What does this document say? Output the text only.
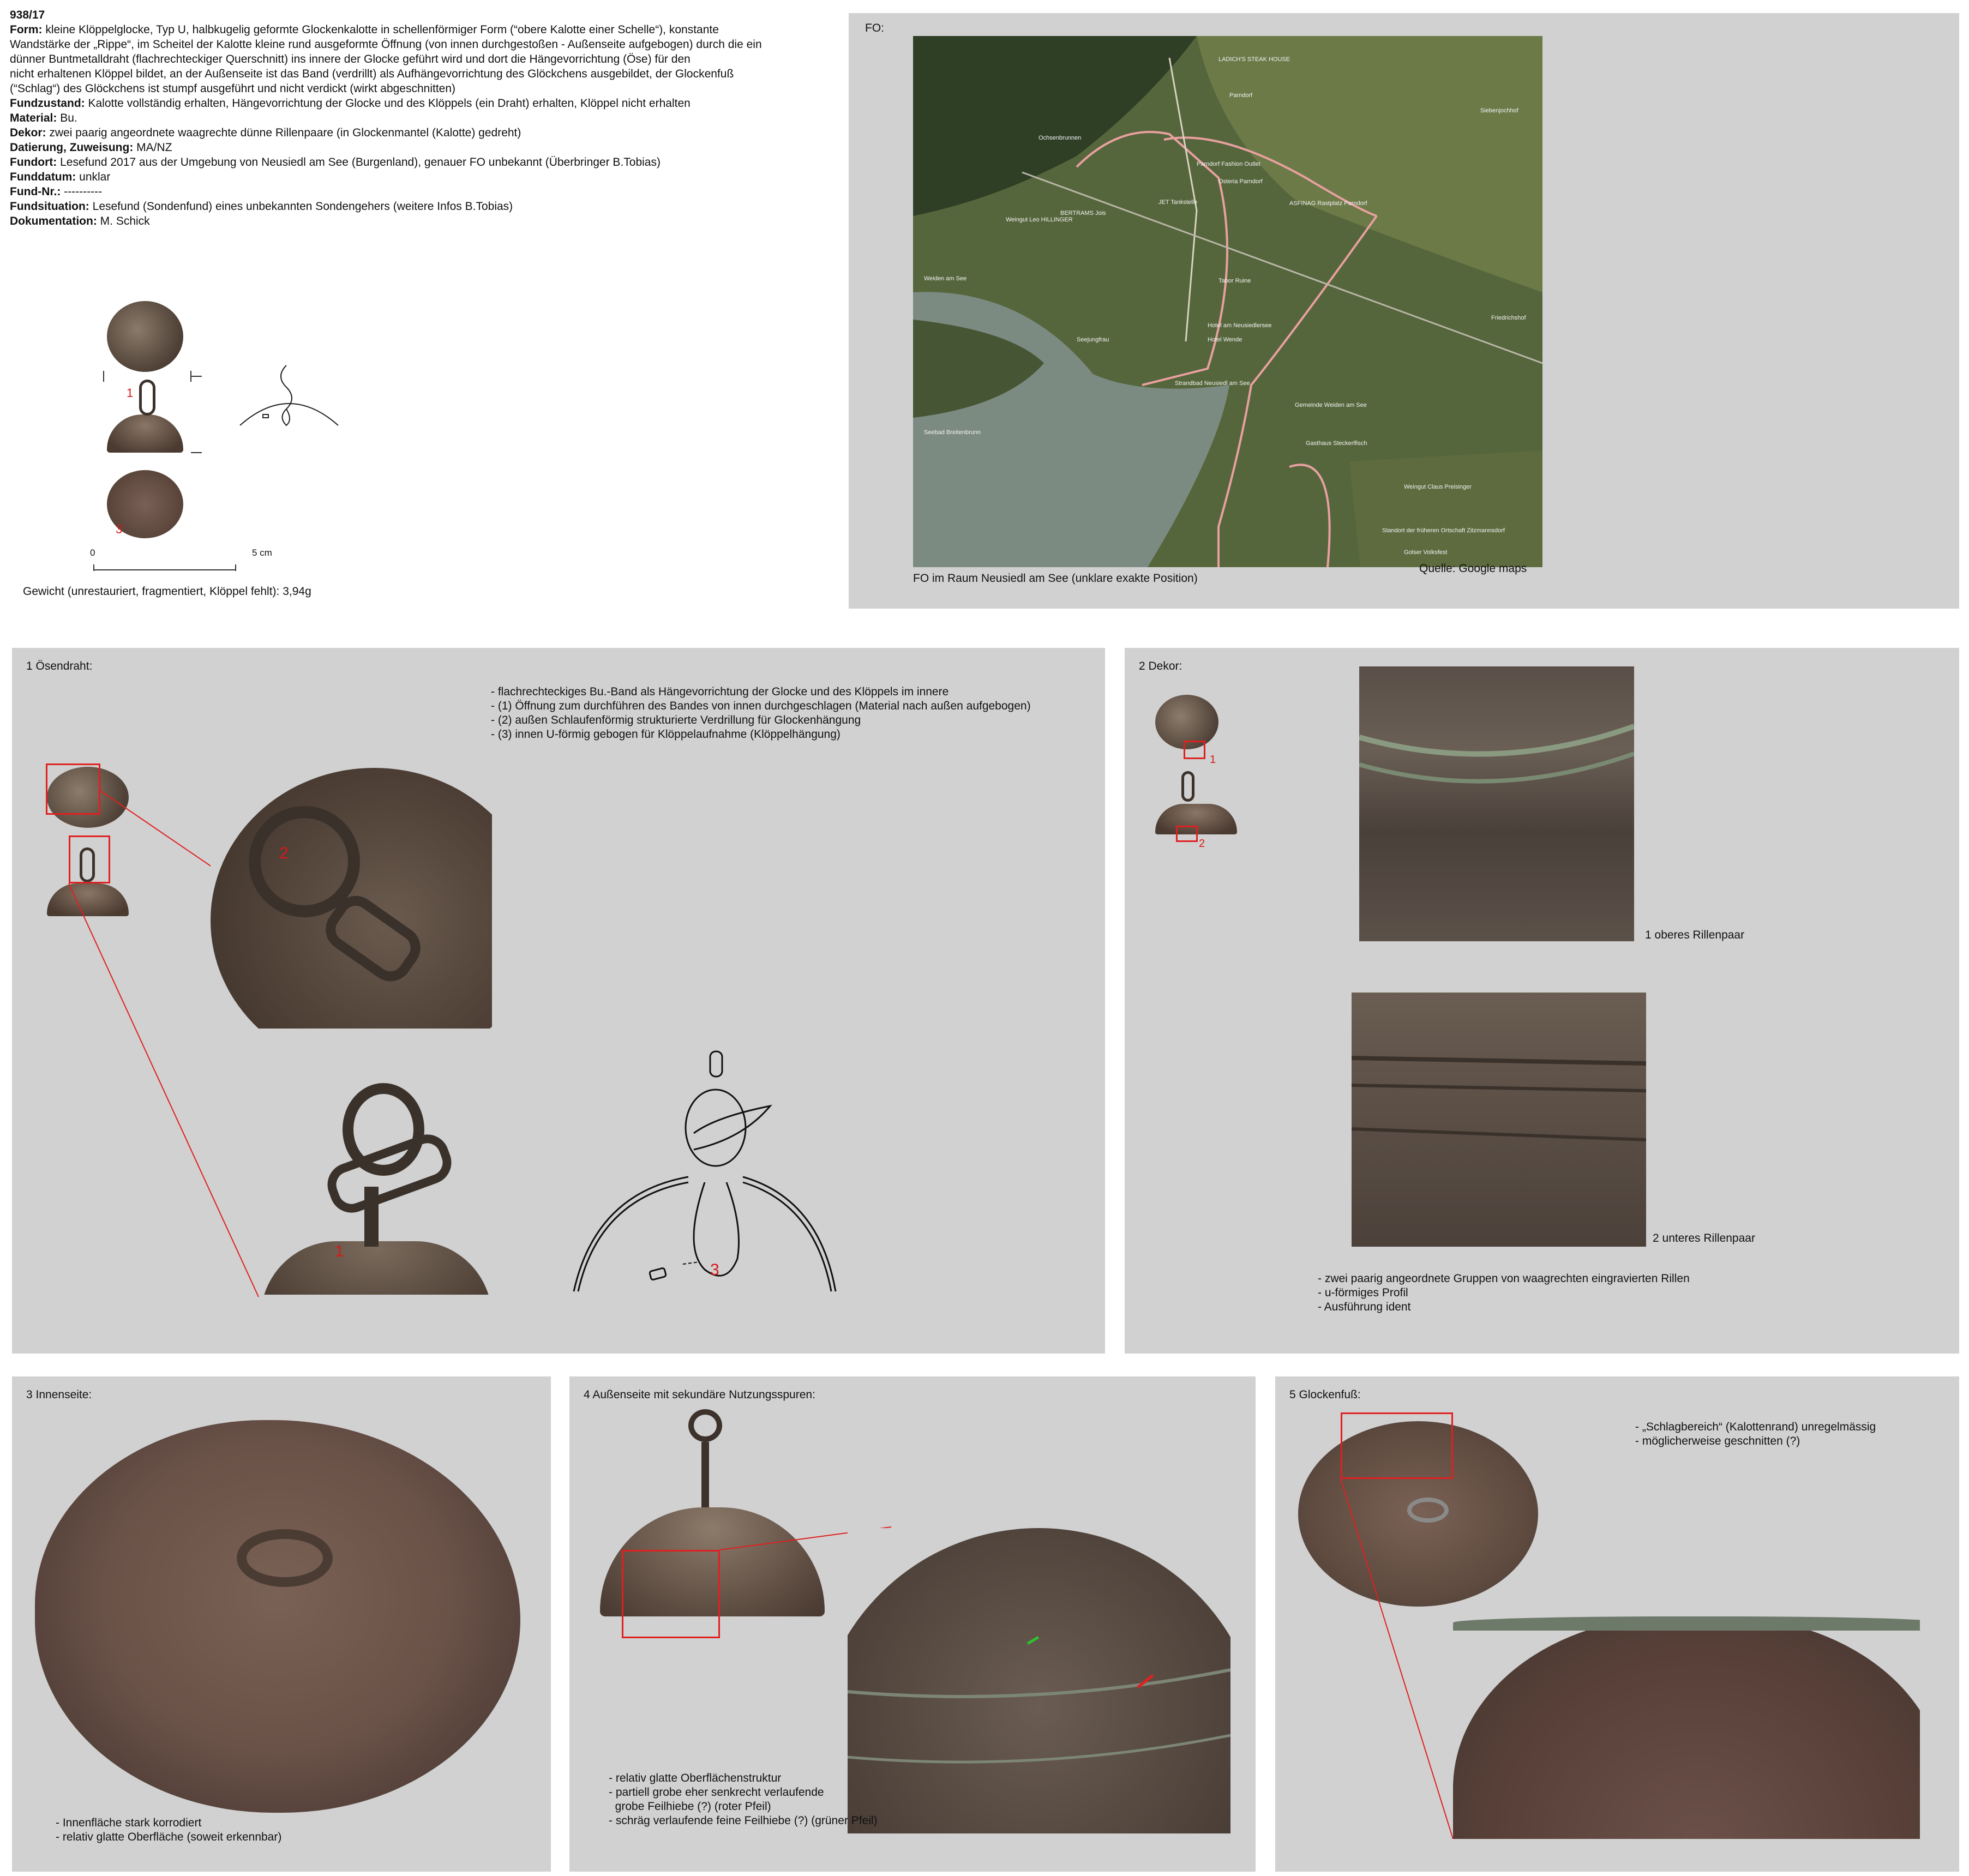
938/17

Form: kleine Klöppelglocke, Typ U, halbkugelig geformte Glockenkalotte in schellenförmiger Form (“obere Kalotte einer Schelle“), konstante

Wandstärke der „Rippe“, im Scheitel der Kalotte kleine rund ausgeformte Öffnung (von innen durchgestoßen - Außenseite aufgebogen) durch die ein

dünner Buntmetalldraht (flachrechteckiger Querschnitt) ins innere der Glocke geführt wird und dort die Hängevorrichtung (Öse) für den

nicht erhaltenen Klöppel bildet, an der Außenseite ist das Band (verdrillt) als Aufhängevorrichtung des Glöckchens ausgebildet, der Glockenfuß

(“Schlag“) des Glöckchens ist stumpf ausgeführt und nicht verdickt (wirkt abgeschnitten)

Fundzustand: Kalotte vollständig erhalten, Hängevorrichtung der Glocke und des Klöppels (ein Draht) erhalten, Klöppel nicht erhalten

Material: Bu.

Dekor: zwei paarig angeordnete waagrechte dünne Rillenpaare (in Glockenmantel (Kalotte) gedreht)

Datierung, Zuweisung: MA/NZ

Fundort: Lesefund 2017 aus der Umgebung von Neusiedl am See (Burgenland), genauer FO unbekannt (Überbringer B.Tobias)

Funddatum: unklar

Fund-Nr.: ----------

Fundsituation: Lesefund (Sondenfund) eines unbekannten Sondengehers (weitere Infos B.Tobias)

Dokumentation: M. Schick

1
3
0	5 cm
Gewicht (unrestauriert, fragmentiert, Klöppel fehlt): 3,94g
FO:
LADICH'S STEAK HOUSE
Parndorf
Ochsenbrunnen
Parndorf Fashion Outlet
Osteria Parndorf
JET Tankstelle	ASFINAG Rastplatz Parndorf
Siebenjochhof
Weingut Leo HILLINGER
BERTRAMS Jois
Weiden am See	Tabor Ruine
Friedrichshof
Hotel am Neusiedlersee
Hotel Wende
Seejungfrau
Seebad Breitenbrunn
Strandbad Neusiedl am See
Gemeinde Weiden am See
Gasthaus Steckerlfisch
Weingut Claus Preisinger
Standort der früheren Ortschaft Zitzmannsdorf
Golser Volksfest
FO im Raum Neusiedl am See (unklare exakte Position)
Quelle: Google maps
1 Ösendraht:
- flachrechteckiges Bu.-Band als Hängevorrichtung der Glocke und des Klöppels im innere
- (1) Öffnung zum durchführen des Bandes von innen durchgeschlagen (Material nach außen aufgebogen)
- (2) außen Schlaufenförmig strukturierte Verdrillung für Glockenhängung
- (3) innen U-förmig gebogen für Klöppelaufnahme (Klöppelhängung)
2
1
3
2 Dekor:
1
2
1 oberes Rillenpaar
2 unteres Rillenpaar
- zwei paarig angeordnete Gruppen von waagrechten eingravierten Rillen
- u-förmiges Profil
- Ausführung ident
3 Innenseite:
- Innenfläche stark korrodiert
- relativ glatte Oberfläche (soweit erkennbar)
4 Außenseite mit sekundäre Nutzungsspuren:
- relativ glatte Oberflächenstruktur
- partiell grobe eher senkrecht verlaufende
grobe Feilhiebe (?) (roter Pfeil)
- schräg verlaufende feine Feilhiebe (?) (grüner Pfeil)
5 Glockenfuß:
- „Schlagbereich“ (Kalottenrand) unregelmässig
- möglicherweise geschnitten (?)
